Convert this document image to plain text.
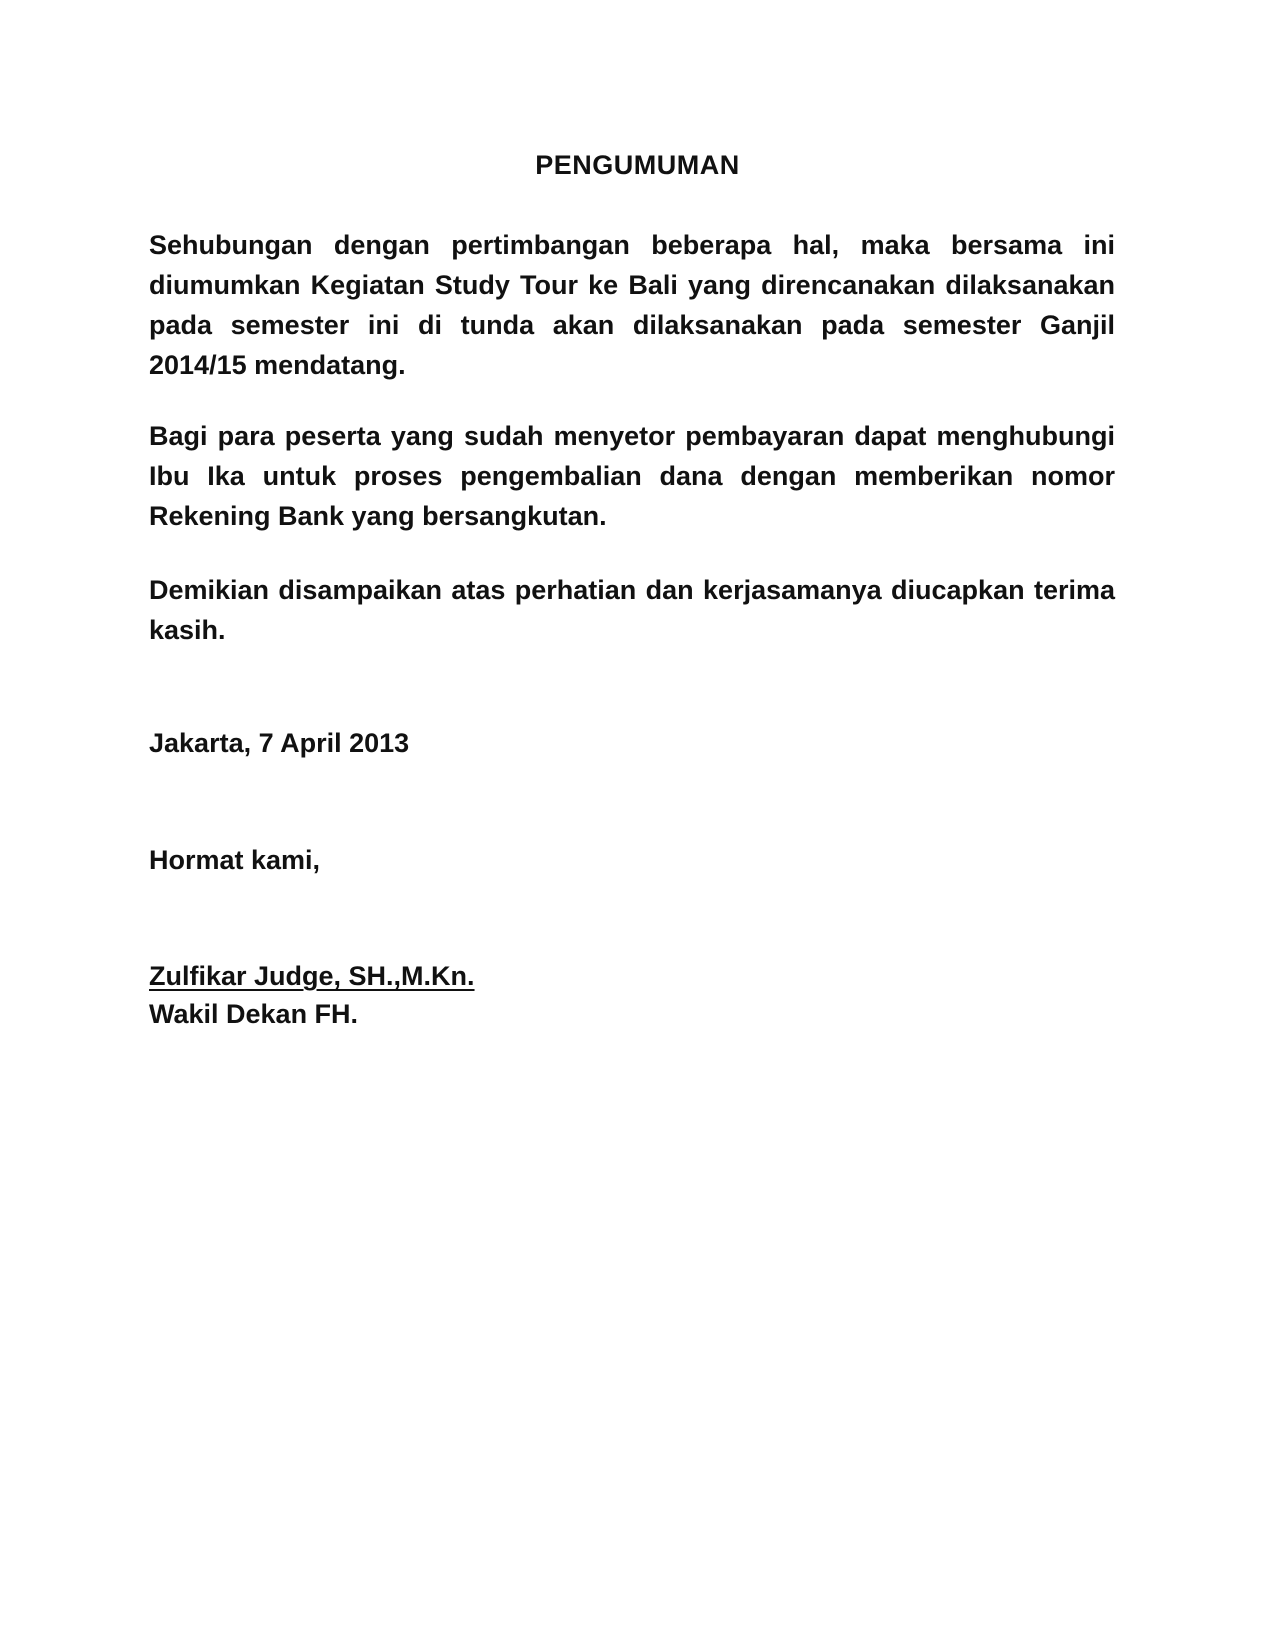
PENGUMUMAN

Sehubungan dengan pertimbangan beberapa hal, maka bersama ini diumumkan Kegiatan Study Tour ke Bali yang direncanakan dilaksanakan pada semester ini di tunda akan dilaksanakan pada semester Ganjil 2014/15 mendatang.

Bagi para peserta yang sudah menyetor pembayaran dapat menghubungi Ibu Ika untuk proses pengembalian dana dengan memberikan nomor Rekening Bank yang bersangkutan.

Demikian disampaikan atas perhatian dan kerjasamanya diucapkan terima kasih.

Jakarta, 7 April 2013
Hormat kami,
Zulfikar Judge, SH.,M.Kn.
Wakil Dekan FH.
